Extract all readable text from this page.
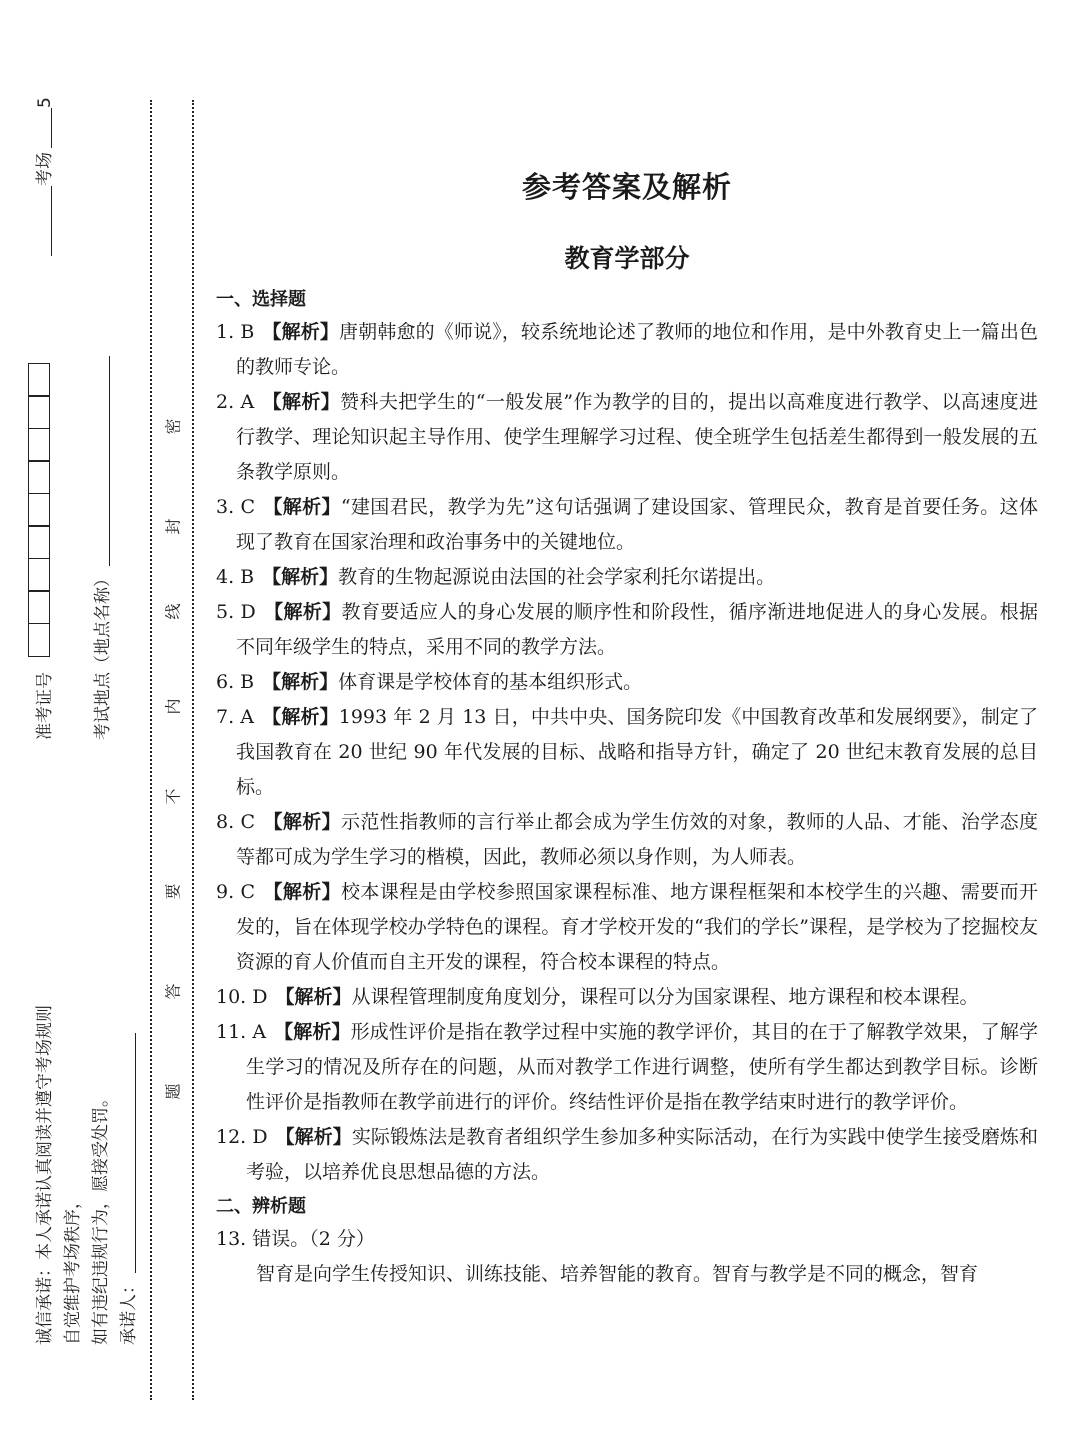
考场5
准考证号 考试地点（地点名称）
密
封
线
内
不
要
答
题
诚信承诺：本人承诺认真阅读并遵守考场规则 自觉维护考场秩序， 如有违纪违规行为，愿接受处罚。 承诺人：
参考答案及解析
教育学部分
一、选择题

1. B 【解析】唐朝韩愈的《师说》，较系统地论述了教师的地位和作用，是中外教育史上一篇出色的教师专论。

2. A 【解析】赞科夫把学生的“一般发展”作为教学的目的，提出以高难度进行教学、以高速度进行教学、理论知识起主导作用、使学生理解学习过程、使全班学生包括差生都得到一般发展的五条教学原则。

3. C 【解析】“建国君民，教学为先”这句话强调了建设国家、管理民众，教育是首要任务。这体现了教育在国家治理和政治事务中的关键地位。

4. B 【解析】教育的生物起源说由法国的社会学家利托尔诺提出。

5. D 【解析】教育要适应人的身心发展的顺序性和阶段性，循序渐进地促进人的身心发展。根据不同年级学生的特点，采用不同的教学方法。

6. B 【解析】体育课是学校体育的基本组织形式。

7. A 【解析】1993 年 2 月 13 日，中共中央、国务院印发《中国教育改革和发展纲要》，制定了我国教育在 20 世纪 90 年代发展的目标、战略和指导方针，确定了 20 世纪末教育发展的总目标。

8. C 【解析】示范性指教师的言行举止都会成为学生仿效的对象，教师的人品、才能、治学态度等都可成为学生学习的楷模，因此，教师必须以身作则，为人师表。

9. C 【解析】校本课程是由学校参照国家课程标准、地方课程框架和本校学生的兴趣、需要而开发的，旨在体现学校办学特色的课程。育才学校开发的“我们的学长”课程，是学校为了挖掘校友资源的育人价值而自主开发的课程，符合校本课程的特点。

10. D 【解析】从课程管理制度角度划分，课程可以分为国家课程、地方课程和校本课程。

11. A 【解析】形成性评价是指在教学过程中实施的教学评价，其目的在于了解教学效果，了解学生学习的情况及所存在的问题，从而对教学工作进行调整，使所有学生都达到教学目标。诊断性评价是指教师在教学前进行的评价。终结性评价是指在教学结束时进行的教学评价。

12. D 【解析】实际锻炼法是教育者组织学生参加多种实际活动，在行为实践中使学生接受磨炼和考验，以培养优良思想品德的方法。

二、辨析题

13. 错误。（2 分）

智育是向学生传授知识、训练技能、培养智能的教育。智育与教学是不同的概念，智育
